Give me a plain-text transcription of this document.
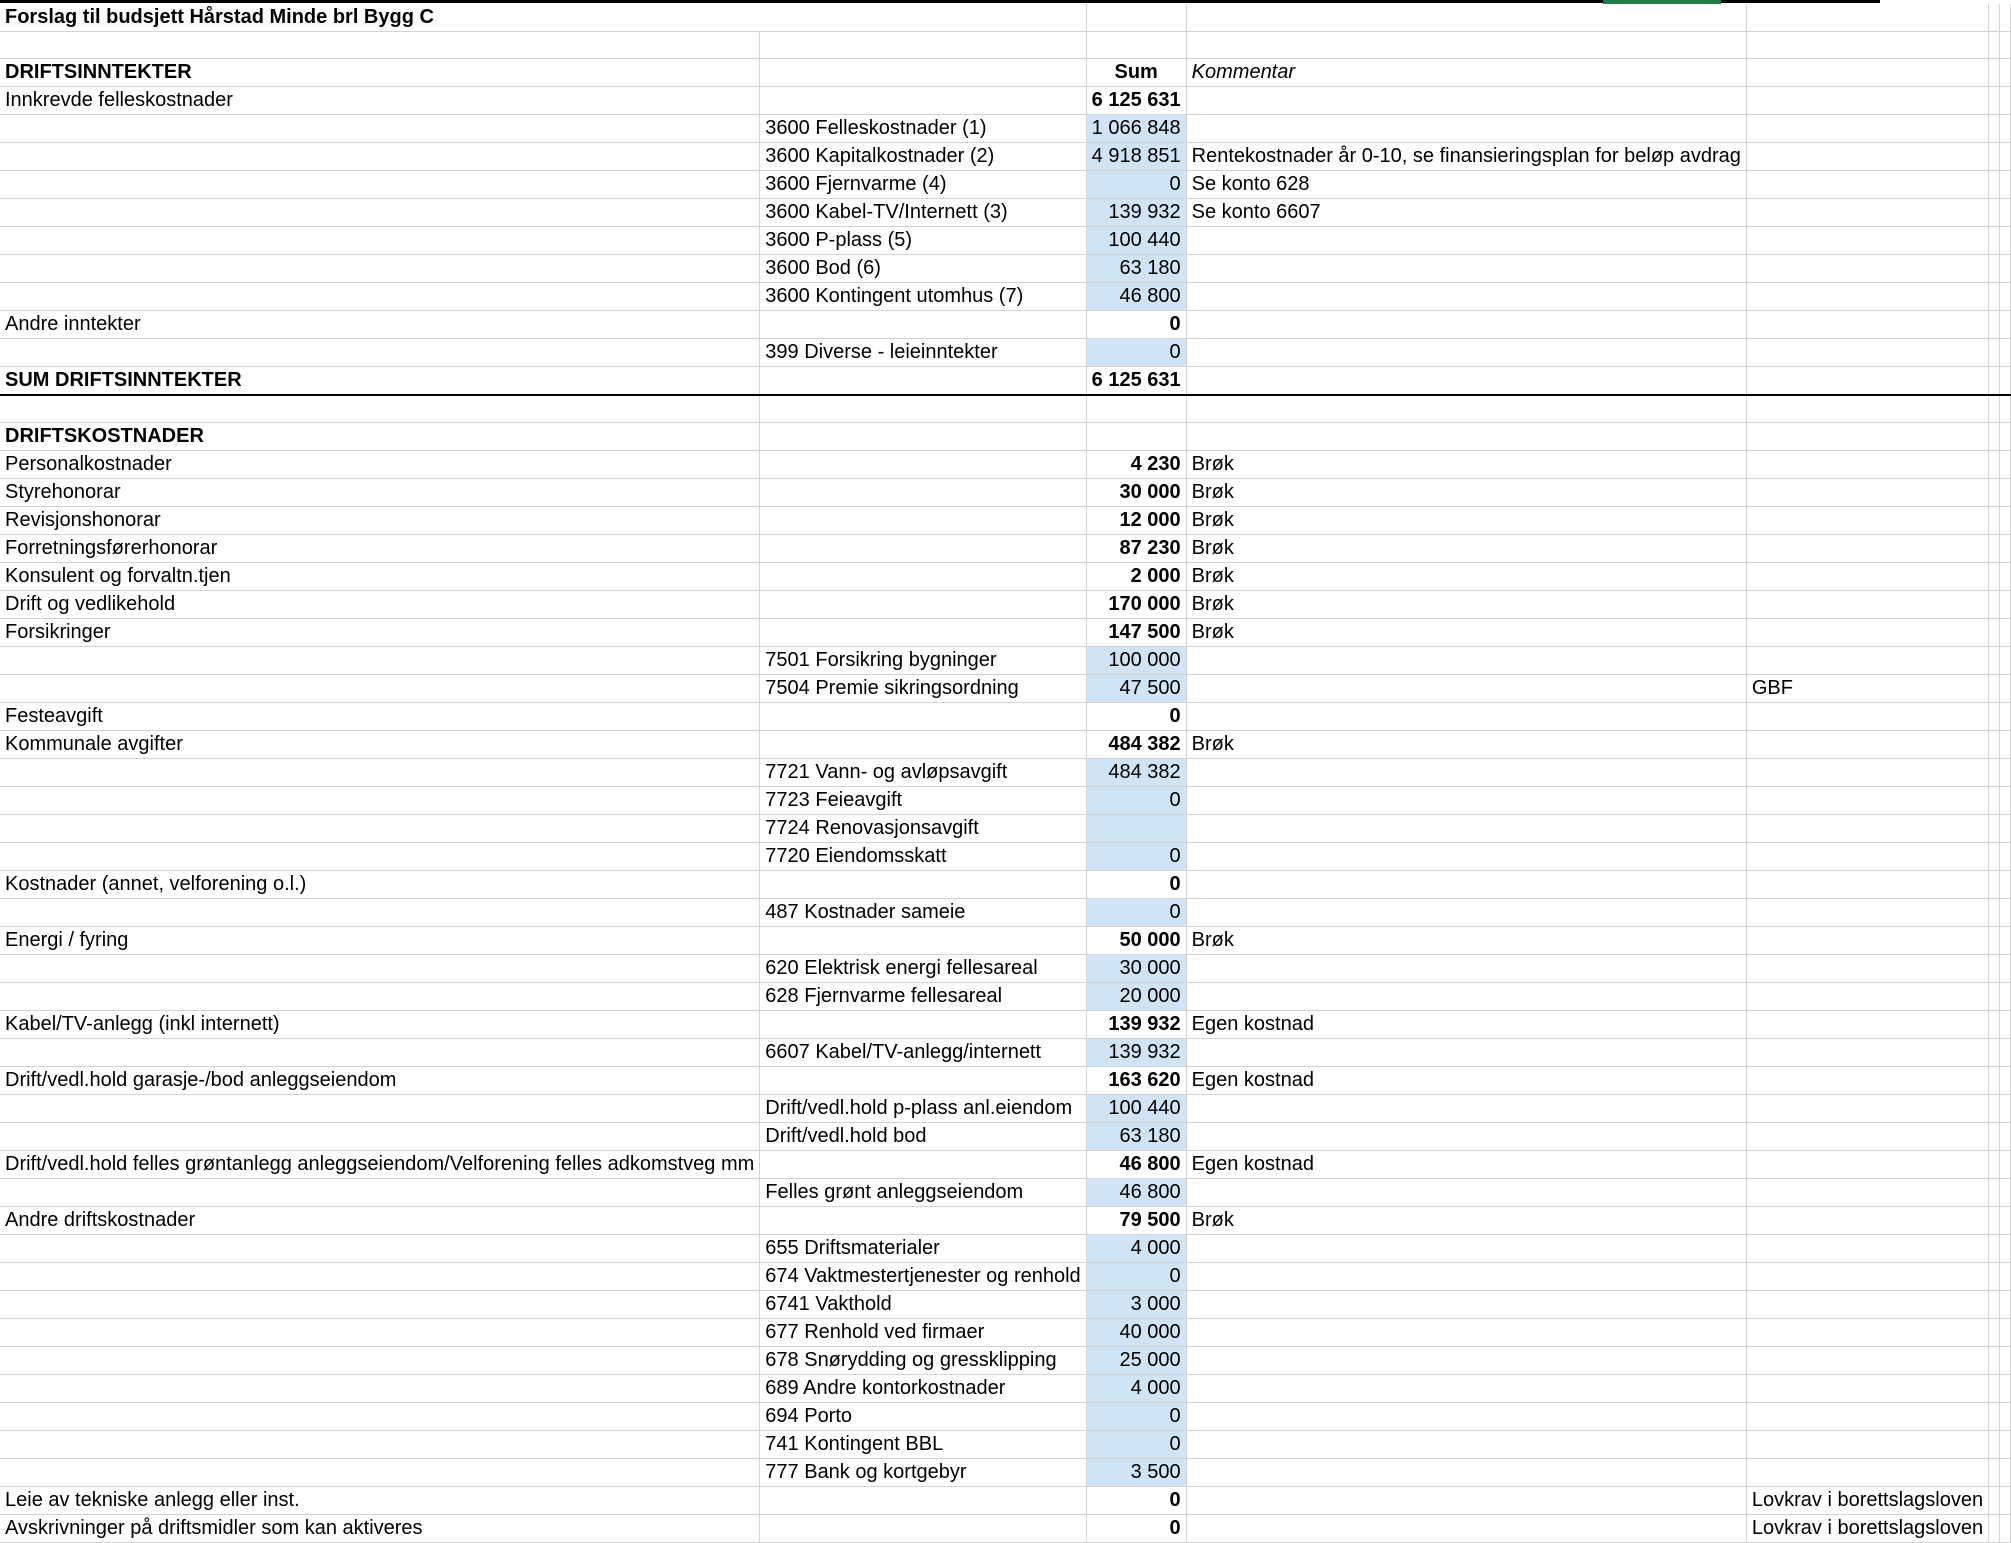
Forslag til budsjett Hårstad Minde brl Bygg C						

DRIFTSINNTEKTER		Sum	Kommentar			
Innkrevde felleskostnader		6 125 631				
	3600 Felleskostnader (1)	1 066 848				
	3600 Kapitalkostnader (2)	4 918 851	Rentekostnader år 0-10, se finansieringsplan for beløp avdrag			
	3600 Fjernvarme (4)	0	Se konto 628			
	3600 Kabel-TV/Internett (3)	139 932	Se konto 6607			
	3600 P-plass (5)	100 440				
	3600 Bod (6)	63 180				
	3600 Kontingent utomhus (7)	46 800				
Andre inntekter		0				
	399 Diverse - leieinntekter	0				
SUM DRIFTSINNTEKTER		6 125 631				

DRIFTSKOSTNADER						
Personalkostnader		4 230	Brøk			
Styrehonorar		30 000	Brøk			
Revisjonshonorar		12 000	Brøk			
Forretningsførerhonorar		87 230	Brøk			
Konsulent og forvaltn.tjen		2 000	Brøk			
Drift og vedlikehold		170 000	Brøk			
Forsikringer		147 500	Brøk			
	7501 Forsikring bygninger	100 000				
	7504 Premie sikringsordning	47 500		GBF		
Festeavgift		0				
Kommunale avgifter		484 382	Brøk			
	7721 Vann- og avløpsavgift	484 382				
	7723 Feieavgift	0				
	7724 Renovasjonsavgift					
	7720 Eiendomsskatt	0				
Kostnader (annet, velforening o.l.)		0				
	487 Kostnader sameie	0				
Energi / fyring		50 000	Brøk			
	620 Elektrisk energi fellesareal	30 000				
	628 Fjernvarme fellesareal	20 000				
Kabel/TV-anlegg (inkl internett)		139 932	Egen kostnad			
	6607 Kabel/TV-anlegg/internett	139 932				
Drift/vedl.hold garasje-/bod anleggseiendom		163 620	Egen kostnad			
	Drift/vedl.hold p-plass anl.eiendom	100 440				
	Drift/vedl.hold bod	63 180				
Drift/vedl.hold felles grøntanlegg anleggseiendom/Velforening felles adkomstveg mm		46 800	Egen kostnad			
	Felles grønt anleggseiendom	46 800				
Andre driftskostnader		79 500	Brøk			
	655 Driftsmaterialer	4 000				
	674 Vaktmestertjenester og renhold	0				
	6741 Vakthold	3 000				
	677 Renhold ved firmaer	40 000				
	678 Snørydding og gressklipping	25 000				
	689 Andre kontorkostnader	4 000				
	694 Porto	0				
	741 Kontingent BBL	0				
	777 Bank og kortgebyr	3 500				
Leie av tekniske anlegg eller inst.		0		Lovkrav i borettslagsloven		
Avskrivninger på driftsmidler som kan aktiveres		0		Lovkrav i borettslagsloven		
